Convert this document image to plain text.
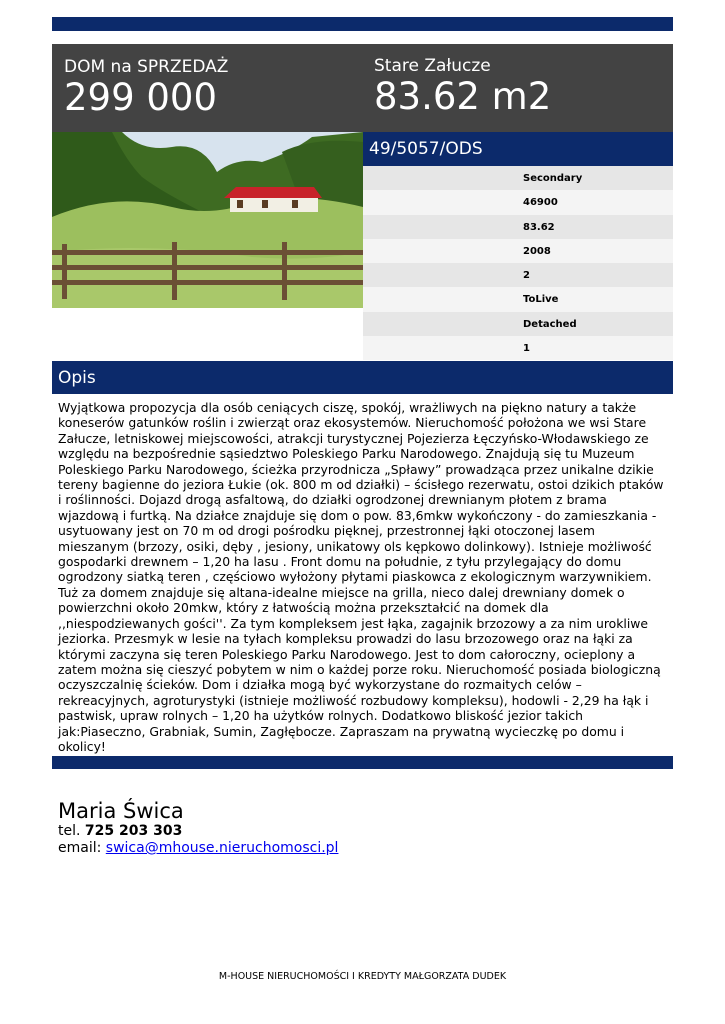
DOM na SPRZEDAŻ
299 000
Stare Załucze
83.62 m2
49/5057/ODS
Secondary
46900
83.62
2008
2
ToLive
Detached
1
Opis
Wyjątkowa propozycja dla osób ceniących ciszę, spokój, wrażliwych na piękno natury a także koneserów gatunków roślin i zwierząt oraz ekosystemów. Nieruchomość położona we wsi Stare Załucze, letniskowej miejscowości, atrakcji turystycznej Pojezierza Łęczyńsko-Włodawskiego ze względu na bezpośrednie sąsiedztwo Poleskiego Parku Narodowego. Znajdują się tu Muzeum Poleskiego Parku Narodowego, ścieżka przyrodnicza „Spławy” prowadząca przez unikalne dzikie tereny bagienne do jeziora Łukie (ok. 800 m od działki) – ścisłego rezerwatu, ostoi dzikich ptaków i roślinności. Dojazd drogą asfaltową, do działki ogrodzonej drewnianym płotem z brama wjazdową i furtką. Na działce znajduje się dom o pow. 83,6mkw wykończony - do zamieszkania - usytuowany jest on 70 m od drogi pośrodku pięknej, przestronnej łąki otoczonej lasem mieszanym (brzozy, osiki, dęby , jesiony, unikatowy ols kępkowo dolinkowy). Istnieje możliwość gospodarki drewnem – 1,20 ha lasu . Front domu na południe, z tyłu przylegający do domu ogrodzony siatką teren , częściowo wyłożony płytami piaskowca z ekologicznym warzywnikiem. Tuż za domem znajduje się altana-idealne miejsce na grilla, nieco dalej drewniany domek o powierzchni około 20mkw, który z łatwością można przekształcić na domek dla ,,niespodziewanych gości''. Za tym kompleksem jest łąka, zagajnik brzozowy a za nim urokliwe jeziorka. Przesmyk w lesie na tyłach kompleksu prowadzi do lasu brzozowego oraz na łąki za którymi zaczyna się teren Poleskiego Parku Narodowego. Jest to dom całoroczny, ocieplony a zatem można się cieszyć pobytem w nim o każdej porze roku. Nieruchomość posiada biologiczną oczyszczalnię ścieków. Dom i działka mogą być wykorzystane do rozmaitych celów – rekreacyjnych, agroturystyki (istnieje możliwość rozbudowy kompleksu), hodowli - 2,29 ha łąk i pastwisk, upraw rolnych – 1,20 ha użytków rolnych. Dodatkowo bliskość jezior takich jak:Piaseczno, Grabniak, Sumin, Zagłębocze. Zapraszam na prywatną wycieczkę po domu i okolicy!
Maria Świca
tel. 725 203 303
email: swica@mhouse.nieruchomosci.pl
M-HOUSE NIERUCHOMOŚCI I KREDYTY MAŁGORZATA DUDEK
